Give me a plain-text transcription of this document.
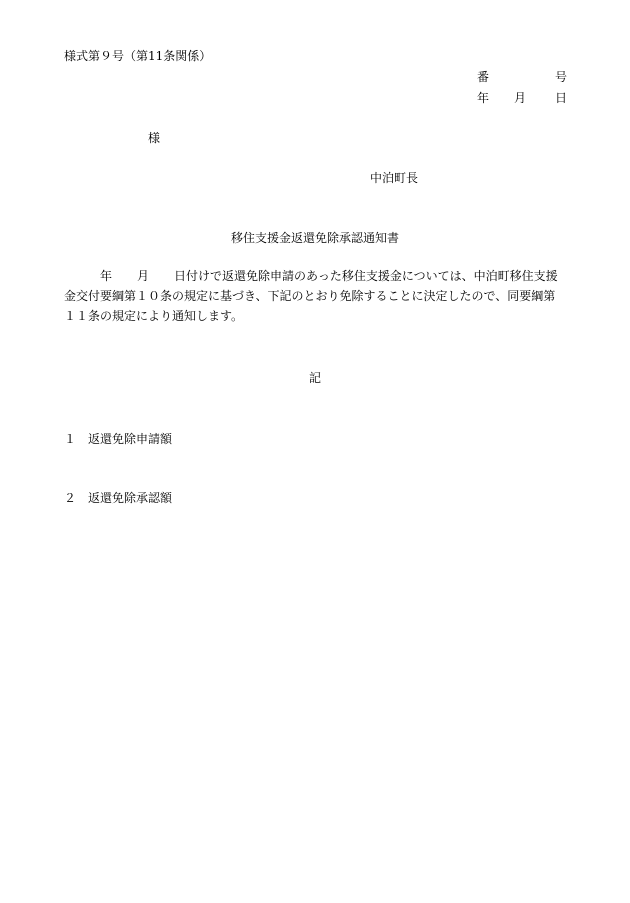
様式第９号（第11条関係）
番	号
年 月 日
様
中泊町長
移住支援金返還免除承認通知書
年 月 日付けで返還免除申請のあった移住支援金については、中泊町移住支援
金交付要綱第１０条の規定に基づき、下記のとおり免除することに決定したので、同要綱第
１１条の規定により通知します。
記
１ 返還免除申請額
２ 返還免除承認額
